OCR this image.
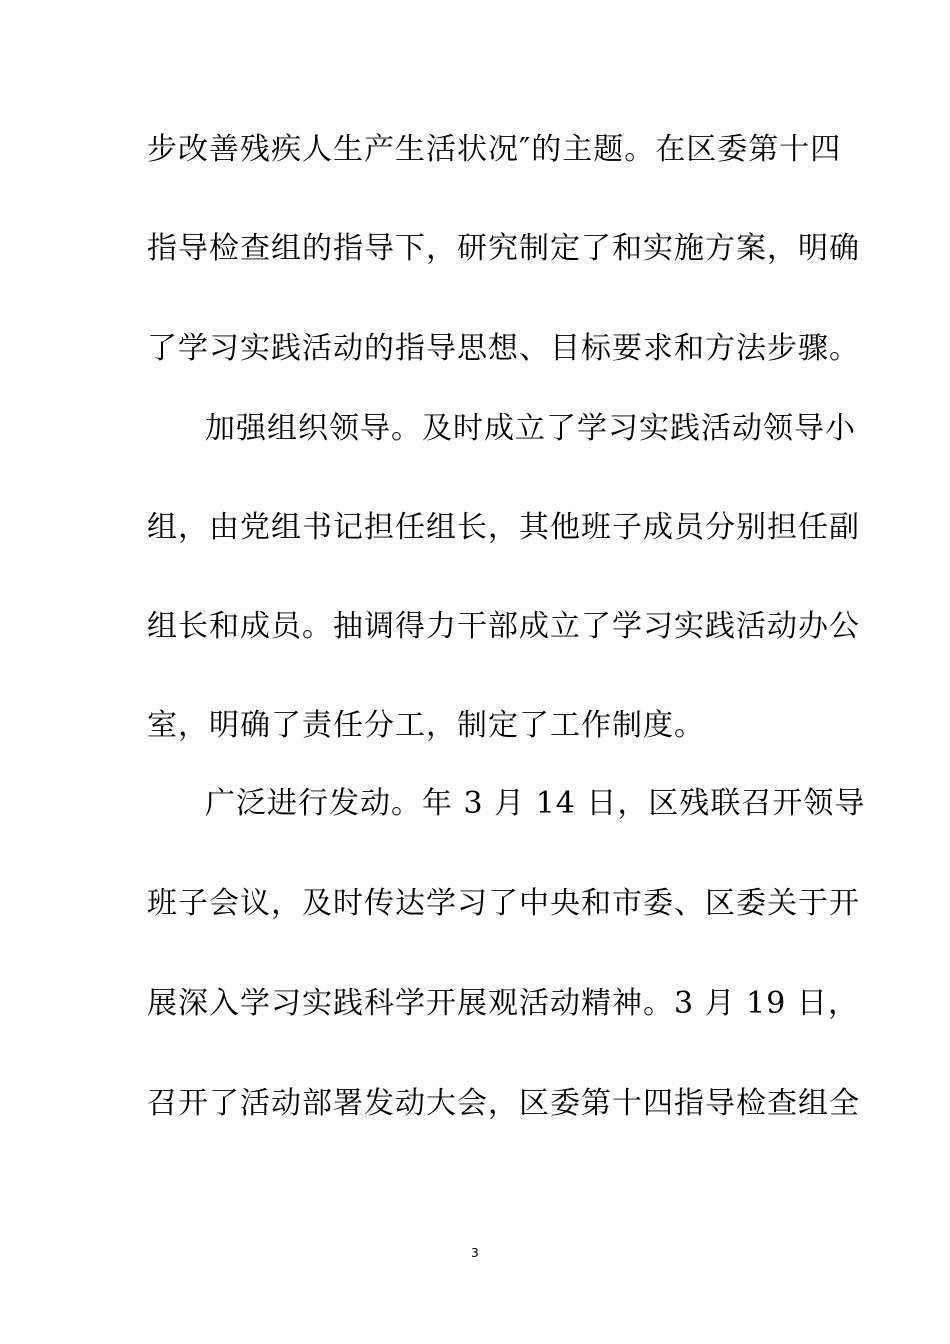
步改善残疾人生产生活状况″的主题。在区委第十四
指导检查组的指导下，研究制定了和实施方案，明确
了学习实践活动的指导思想、目标要求和方法步骤。
加强组织领导。及时成立了学习实践活动领导小
组，由党组书记担任组长，其他班子成员分别担任副
组长和成员。抽调得力干部成立了学习实践活动办公
室，明确了责任分工，制定了工作制度。
广泛进行发动。年 3 月 14 日，区残联召开领导
班子会议，及时传达学习了中央和市委、区委关于开
展深入学习实践科学开展观活动精神。3 月 19 日，
召开了活动部署发动大会，区委第十四指导检查组全
3
